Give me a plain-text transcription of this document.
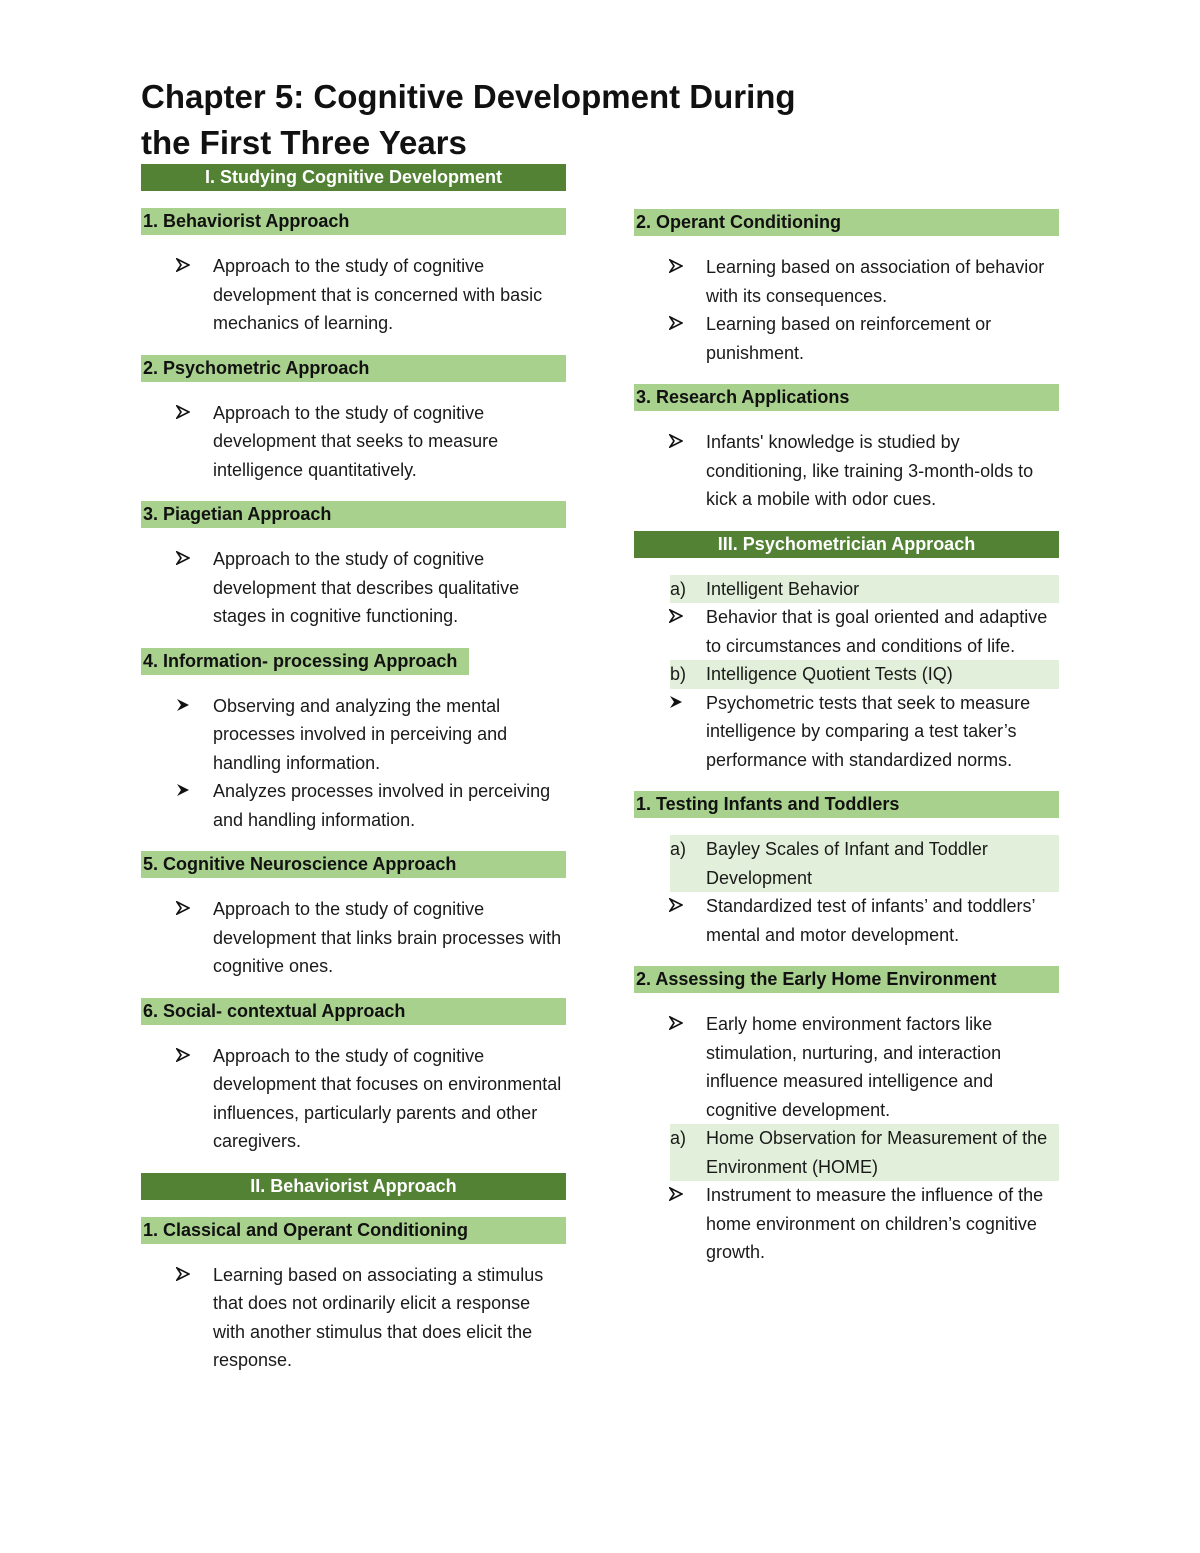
Chapter 5: Cognitive Development During
the First Three Years
I. Studying Cognitive Development
1. Behaviorist Approach
Approach to the study of cognitive development that is concerned with basic mechanics of learning.
2. Psychometric Approach
Approach to the study of cognitive development that seeks to measure intelligence quantitatively.
3. Piagetian Approach
Approach to the study of cognitive development that describes qualitative stages in cognitive functioning.
4. Information- processing Approach
Observing and analyzing the mental processes involved in perceiving and handling information.
Analyzes processes involved in perceiving and handling information.
5. Cognitive Neuroscience Approach
Approach to the study of cognitive development that links brain processes with cognitive ones.
6. Social- contextual Approach
Approach to the study of cognitive development that focuses on environmental influences, particularly parents and other caregivers.
II. Behaviorist Approach
1. Classical and Operant Conditioning
Learning based on associating a stimulus that does not ordinarily elicit a response with another stimulus that does elicit the response.
2. Operant Conditioning
Learning based on association of behavior with its consequences.
Learning based on reinforcement or punishment.
3. Research Applications
Infants' knowledge is studied by conditioning, like training 3-month-olds to kick a mobile with odor cues.
III. Psychometrician Approach
a) Intelligent Behavior
Behavior that is goal oriented and adaptive to circumstances and conditions of life.
b) Intelligence Quotient Tests (IQ)
Psychometric tests that seek to measure intelligence by comparing a test taker’s performance with standardized norms.
1. Testing Infants and Toddlers
a) Bayley Scales of Infant and Toddler Development
Standardized test of infants’ and toddlers’ mental and motor development.
2. Assessing the Early Home Environment
Early home environment factors like stimulation, nurturing, and interaction influence measured intelligence and cognitive development.
a) Home Observation for Measurement of the Environment (HOME)
Instrument to measure the influence of the home environment on children’s cognitive growth.
